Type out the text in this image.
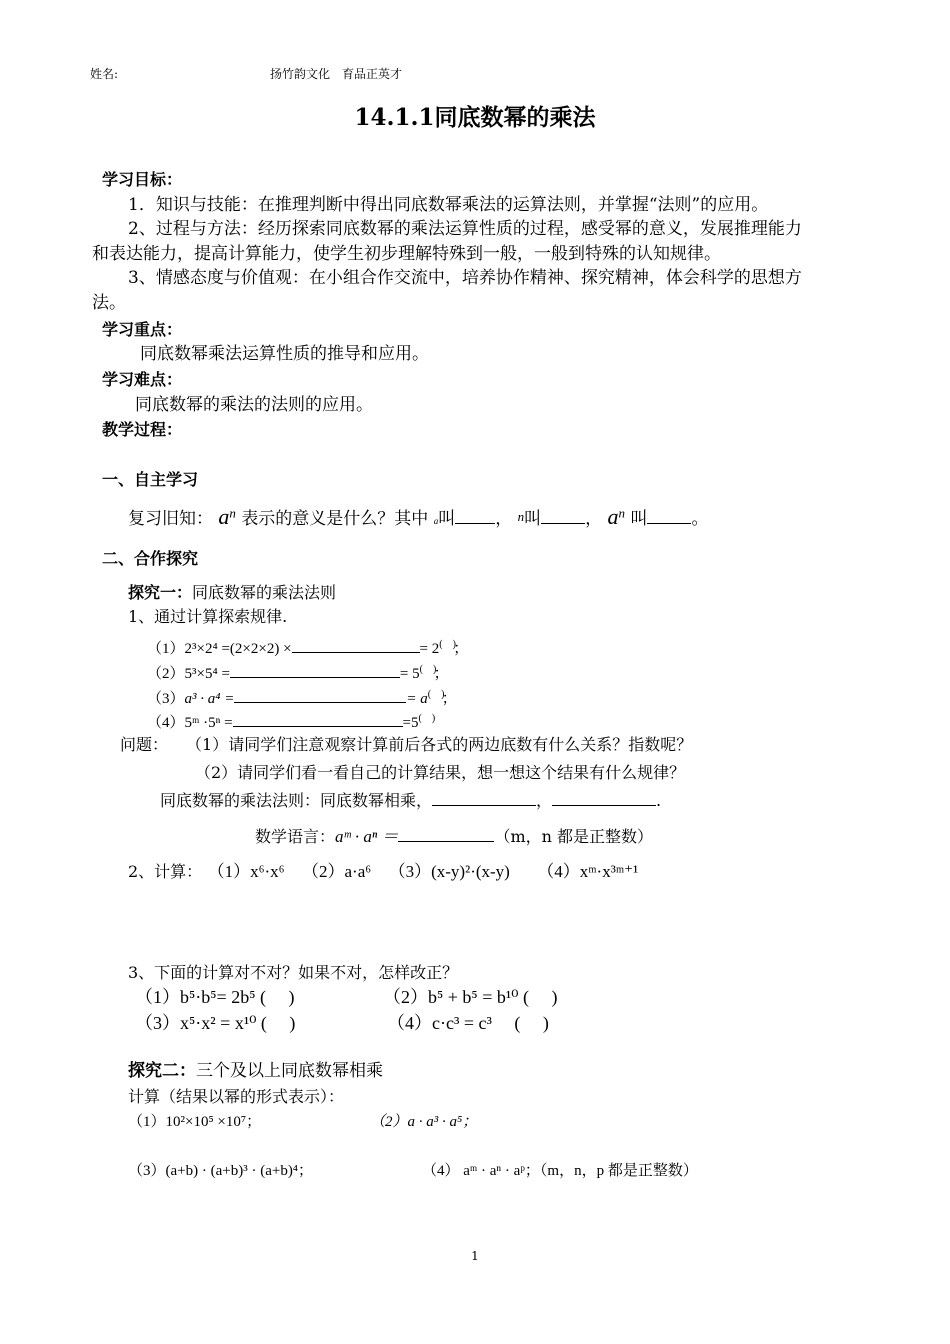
姓名:	扬竹韵文化　育品正英才
14.1.1同底数幂的乘法
学习目标：
1．知识与技能：在推理判断中得出同底数幂乘法的运算法则，并掌握“法则”的应用。
2、过程与方法：经历探索同底数幂的乘法运算性质的过程，感受幂的意义，发展推理能力
和表达能力，提高计算能力，使学生初步理解特殊到一般，一般到特殊的认知规律。
3、情感态度与价值观：在小组合作交流中，培养协作精神、探究精神，体会科学的思想方
法。
学习重点：
同底数幂乘法运算性质的推导和应用。
学习难点：
同底数幂的乘法的法则的应用。
教学过程：
一、自主学习
复习旧知： $a^n$ 表示的意义是什么？其中 a叫 ， n叫	， $a^n$ 叫	。
二、合作探究
探究一：同底数幂的乘法法则
1、通过计算探索规律.
（1）2³×2⁴ =(2×2×2) ×	= 2(　)；
（2）5³×5⁴ =	= 5(　)；
（3）a³ · a⁴ =	= a(　)；
（4）5ᵐ ·5ⁿ =	=5(　)
问题： （1）请同学们注意观察计算前后各式的两边底数有什么关系？指数呢？
（2）请同学们看一看自己的计算结果，想一想这个结果有什么规律？
同底数幂的乘法法则：同底数幂相乘，	，	.
数学语言：aᵐ · aⁿ ＝	（m，n 都是正整数）
2、计算： （1）x⁶·x⁶ （2）a·a⁶ （3）(x-y)²·(x-y) （4）xᵐ·x³ᵐ⁺¹
3、下面的计算对不对？如果不对，怎样改正？
（1）b⁵·b⁵= 2b⁵ (　 )	（2）b⁵ + b⁵ = b¹⁰ (　 )
（3）x⁵·x² = x¹⁰ (　 )	（4）c·c³ = c³　 (　 )
探究二：三个及以上同底数幂相乘
计算（结果以幂的形式表示）：
（1）10²×10⁵ ×10⁷；	（2）a · a³ · a⁵；
（3）(a+b) · (a+b)³ · (a+b)⁴；	（4） aᵐ · aⁿ · aᵖ；（m，n，p 都是正整数）
1
